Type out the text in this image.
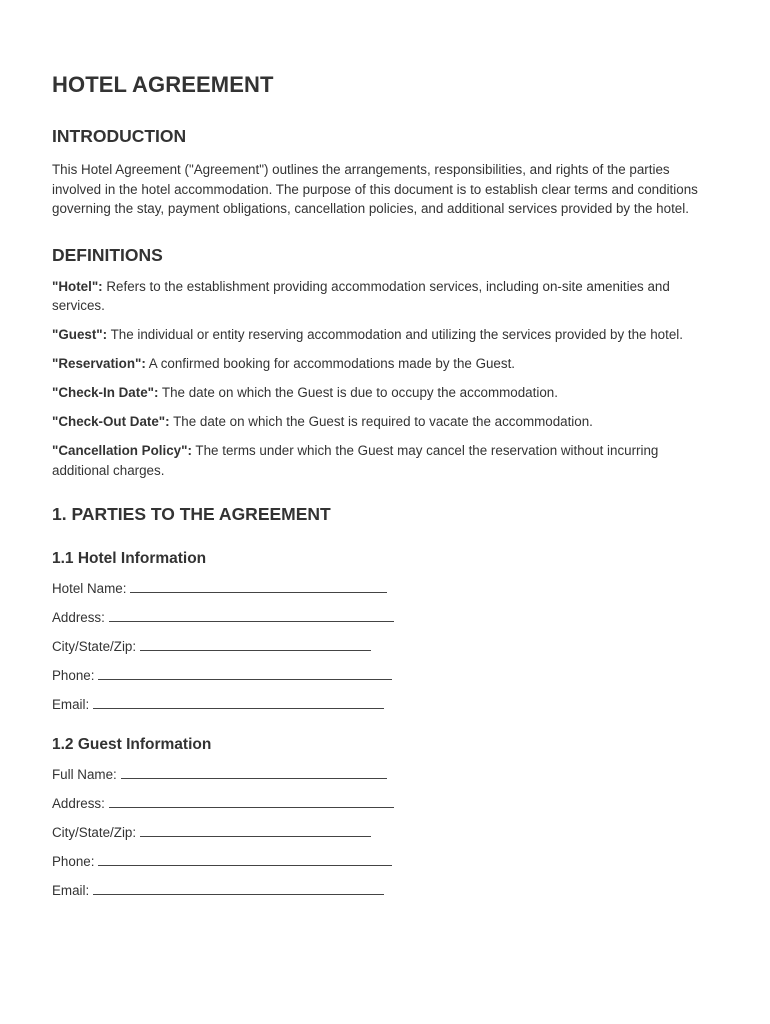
HOTEL AGREEMENT
INTRODUCTION

This Hotel Agreement ("Agreement") outlines the arrangements, responsibilities, and rights of the parties involved in the hotel accommodation. The purpose of this document is to establish clear terms and conditions governing the stay, payment obligations, cancellation policies, and additional services provided by the hotel.

DEFINITIONS

"Hotel": Refers to the establishment providing accommodation services, including on-site amenities and services.

"Guest": The individual or entity reserving accommodation and utilizing the services provided by the hotel.

"Reservation": A confirmed booking for accommodations made by the Guest.

"Check-In Date": The date on which the Guest is due to occupy the accommodation.

"Check-Out Date": The date on which the Guest is required to vacate the accommodation.

"Cancellation Policy": The terms under which the Guest may cancel the reservation without incurring additional charges.

1. PARTIES TO THE AGREEMENT
1.1 Hotel Information

Hotel Name:

Address:

City/State/Zip:

Phone:

Email:

1.2 Guest Information

Full Name:

Address:

City/State/Zip:

Phone:

Email:
